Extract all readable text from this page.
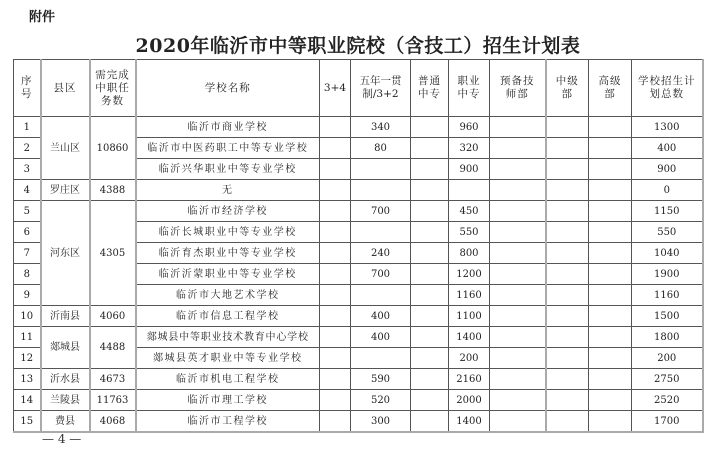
附件
2020年临沂市中等职业院校（含技工）招生计划表
序号	县区	需完成中职任务数	学校名称	3+4	五年一贯制/3+2	普通中专	职业中专	预备技师部	中级部	高级部	学校招生计划总数
1	兰山区	10860	临沂市商业学校		340		960				1300
2			临沂市中医药职工中等专业学校		80		320				400
3			临沂兴华职业中等专业学校				900				900
4	罗庄区	4388	无								0
5	河东区	4305	临沂市经济学校		700		450				1150
6			临沂长城职业中等专业学校				550				550
7			临沂育杰职业中等专业学校		240		800				1040
8			临沂沂蒙职业中等专业学校		700		1200				1900
9			临沂市大地艺术学校				1160				1160
10	沂南县	4060	临沂市信息工程学校		400		1100				1500
11	郯城县	4488	郯城县中等职业技术教育中心学校		400		1400				1800
12			郯城县英才职业中等专业学校				200				200
13	沂水县	4673	临沂市机电工程学校		590		2160				2750
14	兰陵县	11763	临沂市理工学校		520		2000				2520
15	费县	4068	临沂市工程学校		300		1400				1700
— 4 —
